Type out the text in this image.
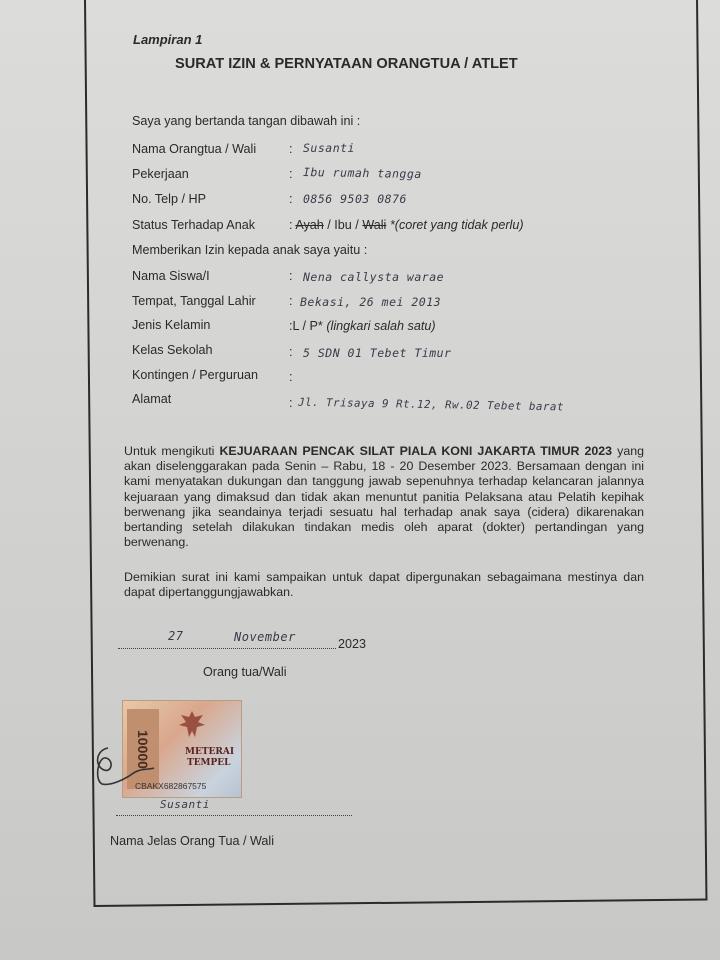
Lampiran 1
SURAT IZIN & PERNYATAAN ORANGTUA / ATLET
Saya yang bertanda tangan dibawah ini :
Nama Orangtua / Wali	: Susanti
Pekerjaan	: Ibu rumah tangga
No. Telp / HP	: 0856 9503 0876
Status Terhadap Anak	: Ayah / Ibu / Wali *(coret yang tidak perlu)
Memberikan Izin kepada anak saya yaitu :
Nama Siswa/I	: Nena callysta warae
Tempat, Tanggal Lahir	: Bekasi, 26 mei 2013
Jenis Kelamin	:L / P* (lingkari salah satu)
Kelas Sekolah	: 5 SDN 01 Tebet Timur
Kontingen / Perguruan :
Alamat	: Jl. Trisaya 9 Rt.12, Rw.02 Tebet barat

Untuk mengikuti KEJUARAAN PENCAK SILAT PIALA KONI JAKARTA TIMUR 2023 yang akan diselenggarakan pada Senin – Rabu, 18 - 20 Desember 2023. Bersamaan dengan ini kami menyatakan dukungan dan tanggung jawab sepenuhnya terhadap kelancaran jalannya kejuaraan yang dimaksud dan tidak akan menuntut panitia Pelaksana atau Pelatih kepihak berwenang jika seandainya terjadi sesuatu hal terhadap anak saya (cidera) dikarenakan bertanding setelah dilakukan tindakan medis oleh aparat (dokter) pertandingan yang berwenang.

Demikian surat ini kami sampaikan untuk dapat dipergunakan sebagaimana mestinya dan dapat dipertanggungjawabkan.

27	November	2023
Orang tua/Wali
10000	METERAI
TEMPEL
CBAKX682867575
Susanti
Nama Jelas Orang Tua / Wali
